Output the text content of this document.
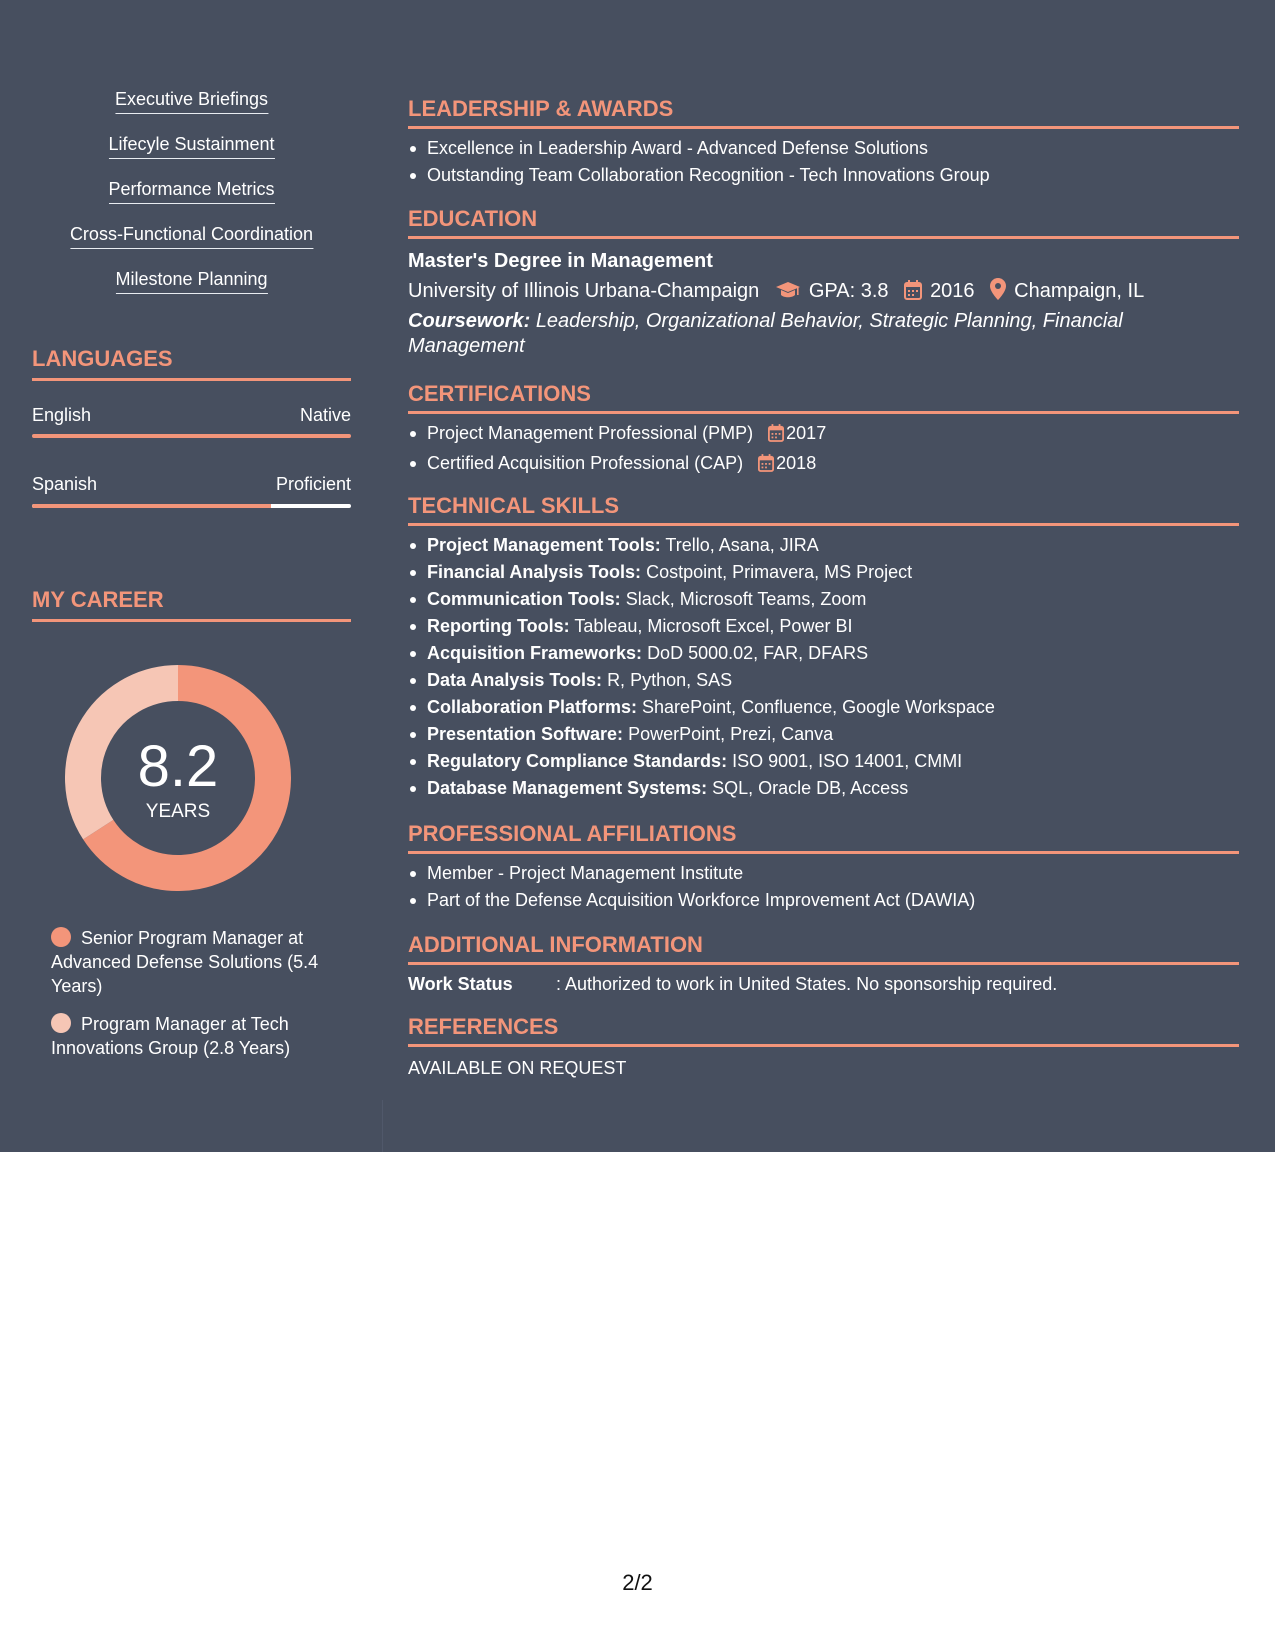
Executive Briefings
Lifecyle Sustainment
Performance Metrics
Cross-Functional Coordination
Milestone Planning
LANGUAGES
English	Native
Spanish	Proficient
MY CAREER
8.2
YEARS
Senior Program Manager at Advanced Defense Solutions (5.4 Years)
Program Manager at Tech Innovations Group (2.8 Years)
LEADERSHIP & AWARDS
Excellence in Leadership Award - Advanced Defense Solutions
Outstanding Team Collaboration Recognition - Tech Innovations Group
EDUCATION
Master's Degree in Management
University of Illinois Urbana-Champaign GPA: 3.8 2016 Champaign, IL
Coursework: Leadership, Organizational Behavior, Strategic Planning, Financial Management
CERTIFICATIONS
Project Management Professional (PMP) 2017
Certified Acquisition Professional (CAP) 2018
TECHNICAL SKILLS
Project Management Tools: Trello, Asana, JIRA
Financial Analysis Tools: Costpoint, Primavera, MS Project
Communication Tools: Slack, Microsoft Teams, Zoom
Reporting Tools: Tableau, Microsoft Excel, Power BI
Acquisition Frameworks: DoD 5000.02, FAR, DFARS
Data Analysis Tools: R, Python, SAS
Collaboration Platforms: SharePoint, Confluence, Google Workspace
Presentation Software: PowerPoint, Prezi, Canva
Regulatory Compliance Standards: ISO 9001, ISO 14001, CMMI
Database Management Systems: SQL, Oracle DB, Access
PROFESSIONAL AFFILIATIONS
Member - Project Management Institute
Part of the Defense Acquisition Workforce Improvement Act (DAWIA)
ADDITIONAL INFORMATION
Work Status : Authorized to work in United States. No sponsorship required.
REFERENCES
AVAILABLE ON REQUEST
2/2
